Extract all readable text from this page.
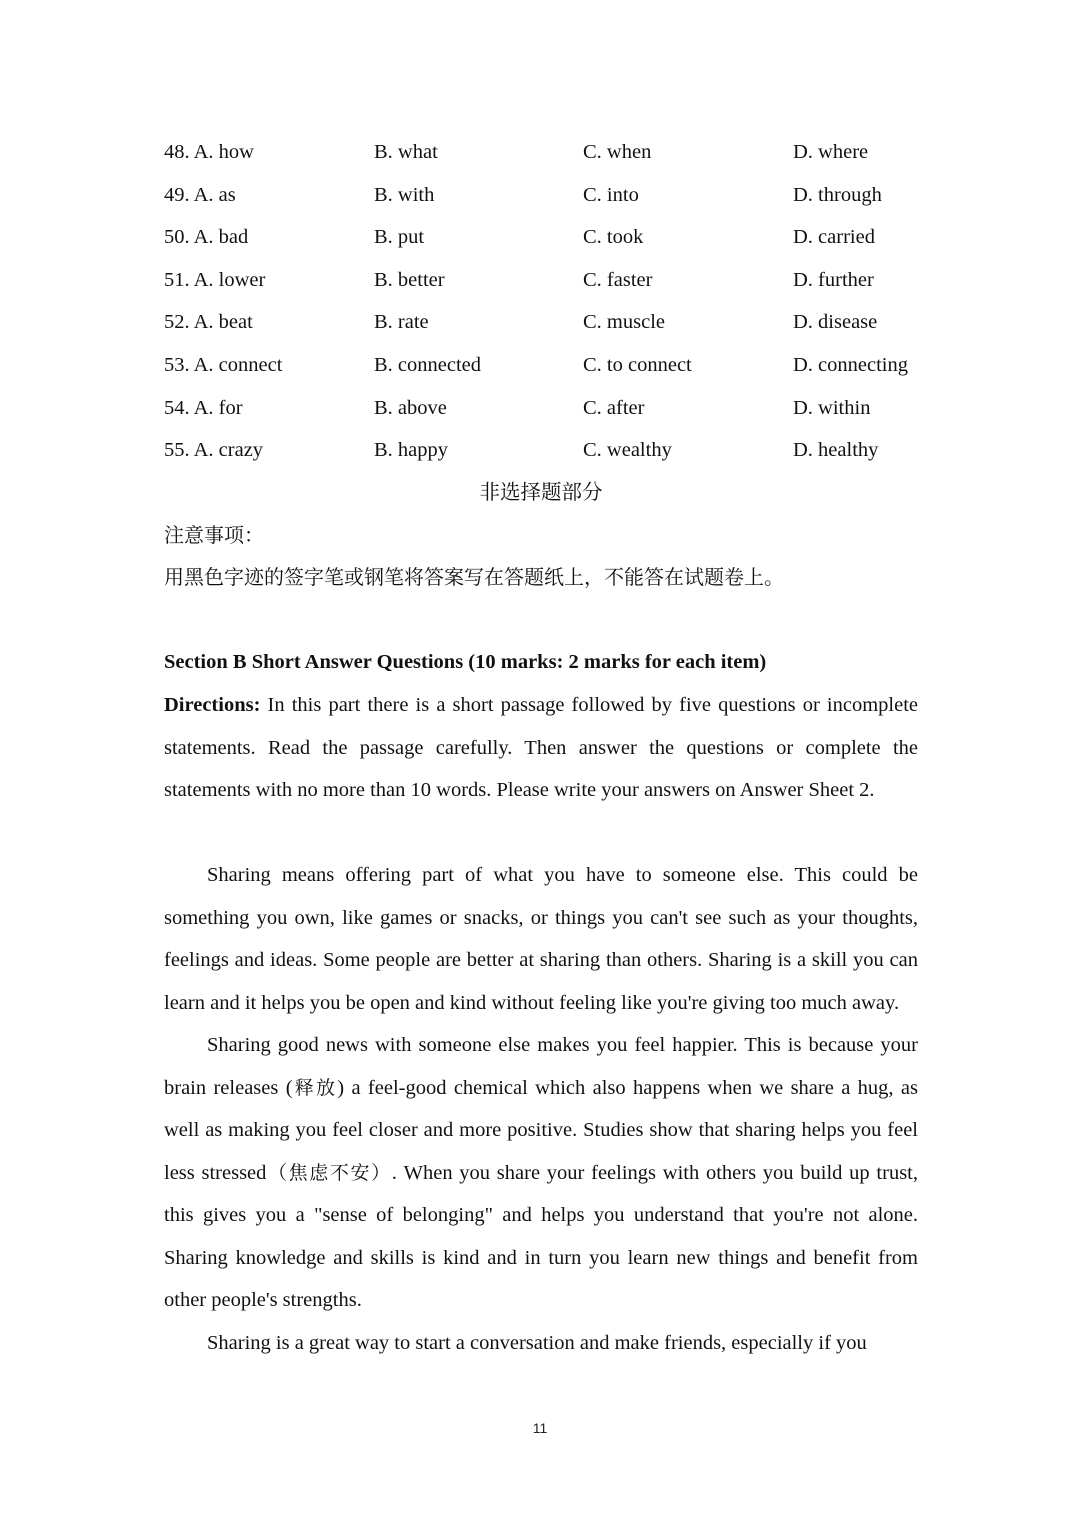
48. A. how	B. what	C. when	D. where
49. A. as	B. with	C. into	D. through
50. A. bad	B. put	C. took	D. carried
51. A. lower	B. better	C. faster	D. further
52. A. beat	B. rate	C. muscle	D. disease
53. A. connect	B. connected	C. to connect	D. connecting
54. A. for	B. above	C. after	D. within
55. A. crazy	B. happy	C. wealthy	D. healthy
非选择题部分
注意事项：
用黑色字迹的签字笔或钢笔将答案写在答题纸上，不能答在试题卷上。
Section B Short Answer Questions (10 marks: 2 marks for each item)
Directions: In this part there is a short passage followed by five questions or incomplete statements. Read the passage carefully. Then answer the questions or complete the statements with no more than 10 words. Please write your answers on Answer Sheet 2.

Sharing means offering part of what you have to someone else. This could be something you own, like games or snacks, or things you can't see such as your thoughts, feelings and ideas. Some people are better at sharing than others. Sharing is a skill you can learn and it helps you be open and kind without feeling like you're giving too much away.

Sharing good news with someone else makes you feel happier. This is because your brain releases (释放) a feel-good chemical which also happens when we share a hug, as well as making you feel closer and more positive. Studies show that sharing helps you feel less stressed（焦虑不安）. When you share your feelings with others you build up trust, this gives you a "sense of belonging" and helps you understand that you're not alone. Sharing knowledge and skills is kind and in turn you learn new things and benefit from other people's strengths.

Sharing is a great way to start a conversation and make friends, especially if you

11
